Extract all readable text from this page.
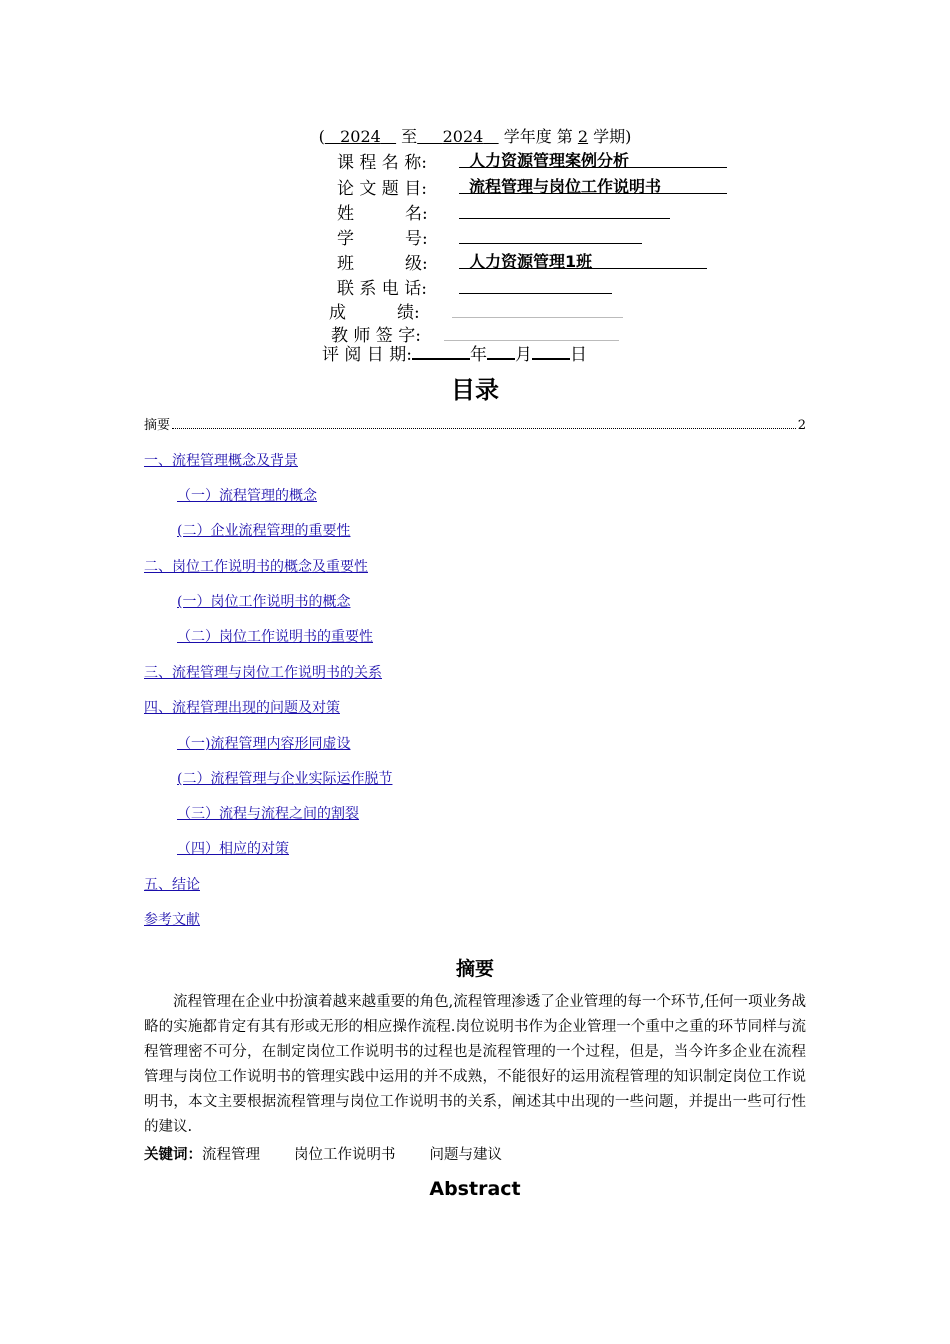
( 2024 至 2024 学年度 第 2 学期)
课 程 名 称:	人力资源管理案例分析
论 文 题 目:	流程管理与岗位工作说明书
姓　　　名:
学　　　号:
班　　　级:	人力资源管理1班
联 系 电 话:
成　　　绩:
教 师 签 字:
评 阅 日 期:	年 月 日
目录
摘要	2
一、流程管理概念及背景
（一）流程管理的概念
(二）企业流程管理的重要性
二、岗位工作说明书的概念及重要性
(一）岗位工作说明书的概念
（二）岗位工作说明书的重要性
三、流程管理与岗位工作说明书的关系
四、流程管理出现的问题及对策
（一)流程管理内容形同虚设
(二）流程管理与企业实际运作脱节
（三）流程与流程之间的割裂
（四）相应的对策
五、结论
参考文献
摘要
流程管理在企业中扮演着越来越重要的角色,流程管理渗透了企业管理的每一个环节,任何一项业务战略的实施都肯定有其有形或无形的相应操作流程.岗位说明书作为企业管理一个重中之重的环节同样与流程管理密不可分，在制定岗位工作说明书的过程也是流程管理的一个过程，但是，当今许多企业在流程管理与岗位工作说明书的管理实践中运用的并不成熟，不能很好的运用流程管理的知识制定岗位工作说明书，本文主要根据流程管理与岗位工作说明书的关系，阐述其中出现的一些问题，并提出一些可行性的建议.
关键词：流程管理 岗位工作说明书 问题与建议
Abstract
